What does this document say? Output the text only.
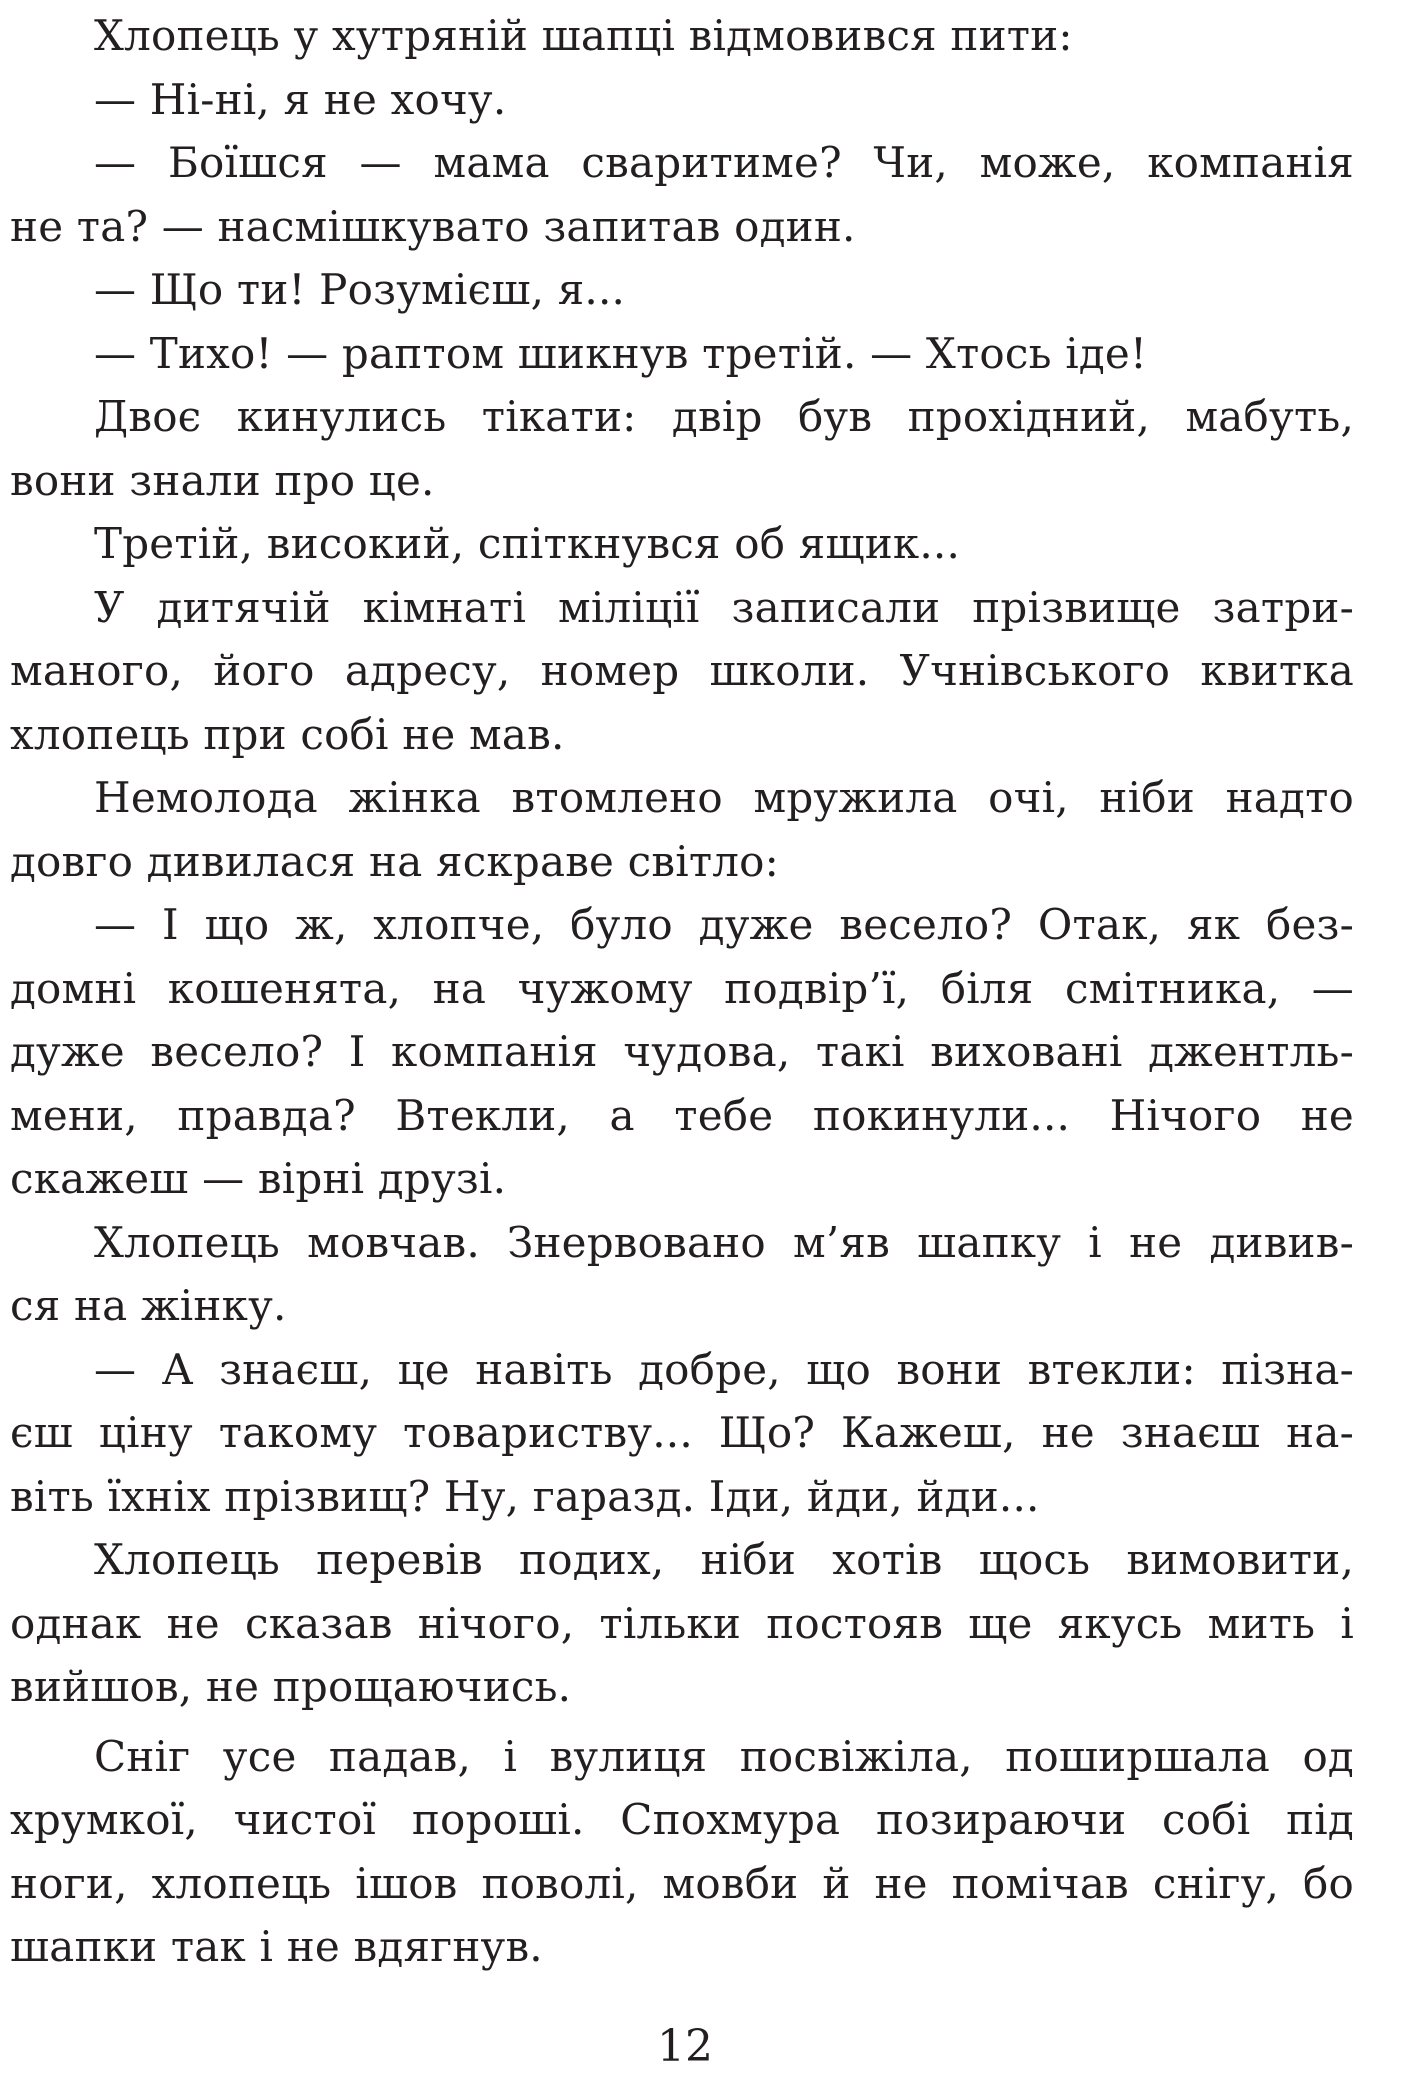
Хлопець у хутряній шапці відмовився пити:
— Ні-ні, я не хочу.
— Боїшся — мама сваритиме? Чи, може, компанія
не та? — насмішкувато запитав один.
— Що ти! Розумієш, я...
— Тихо! — раптом шикнув третій. — Хтось іде!
Двоє кинулись тікати: двір був прохідний, мабуть,
вони знали про це.
Третій, високий, спіткнувся об ящик...
У дитячій кімнаті міліції записали прізвище затри-
маного, його адресу, номер школи. Учнівського квитка
хлопець при собі не мав.
Немолода жінка втомлено мружила очі, ніби надто
довго дивилася на яскраве світло:
— І що ж, хлопче, було дуже весело? Отак, як без-
домні кошенята, на чужому подвір’ї, біля смітника, —
дуже весело? І компанія чудова, такі виховані джентль-
мени, правда? Втекли, а тебе покинули... Нічого не
скажеш — вірні друзі.
Хлопець мовчав. Знервовано м’яв шапку і не дивив-
ся на жінку.
— А знаєш, це навіть добре, що вони втекли: пізна-
єш ціну такому товариству... Що? Кажеш, не знаєш на-
віть їхніх прізвищ? Ну, гаразд. Іди, йди, йди...
Хлопець перевів подих, ніби хотів щось вимовити,
однак не сказав нічого, тільки постояв ще якусь мить і
вийшов, не прощаючись.
Сніг усе падав, і вулиця посвіжіла, поширшала од
хрумкої, чистої пороші. Спохмура позираючи собі під
ноги, хлопець ішов поволі, мовби й не помічав снігу, бо
шапки так і не вдягнув.
12
